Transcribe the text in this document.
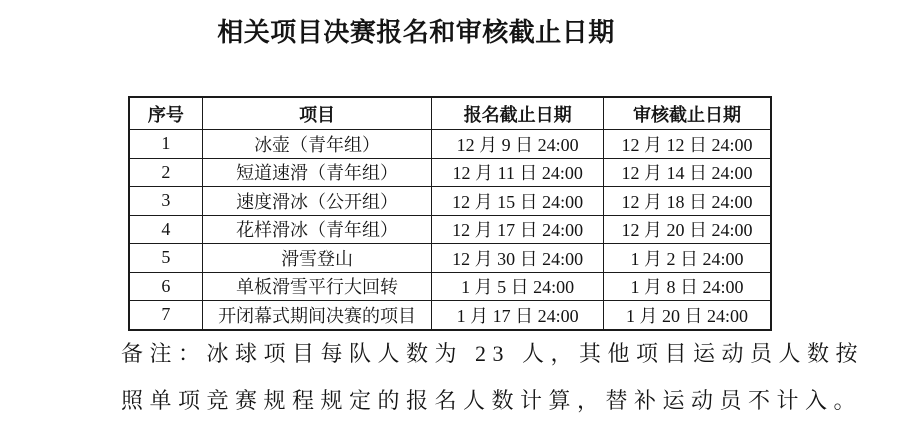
相关项目决赛报名和审核截止日期
序号	项目	报名截止日期	审核截止日期
1	冰壶（青年组）	12 月 9 日 24:00	12 月 12 日 24:00
2	短道速滑（青年组）	12 月 11 日 24:00	12 月 14 日 24:00
3	速度滑冰（公开组）	12 月 15 日 24:00	12 月 18 日 24:00
4	花样滑冰（青年组）	12 月 17 日 24:00	12 月 20 日 24:00
5	滑雪登山	12 月 30 日 24:00	1 月 2 日 24:00
6	单板滑雪平行大回转	1 月 5 日 24:00	1 月 8 日 24:00
7	开闭幕式期间决赛的项目	1 月 17 日 24:00	1 月 20 日 24:00
备注：冰球项目每队人数为 23 人，其他项目运动员人数按
照单项竞赛规程规定的报名人数计算，替补运动员不计入。
